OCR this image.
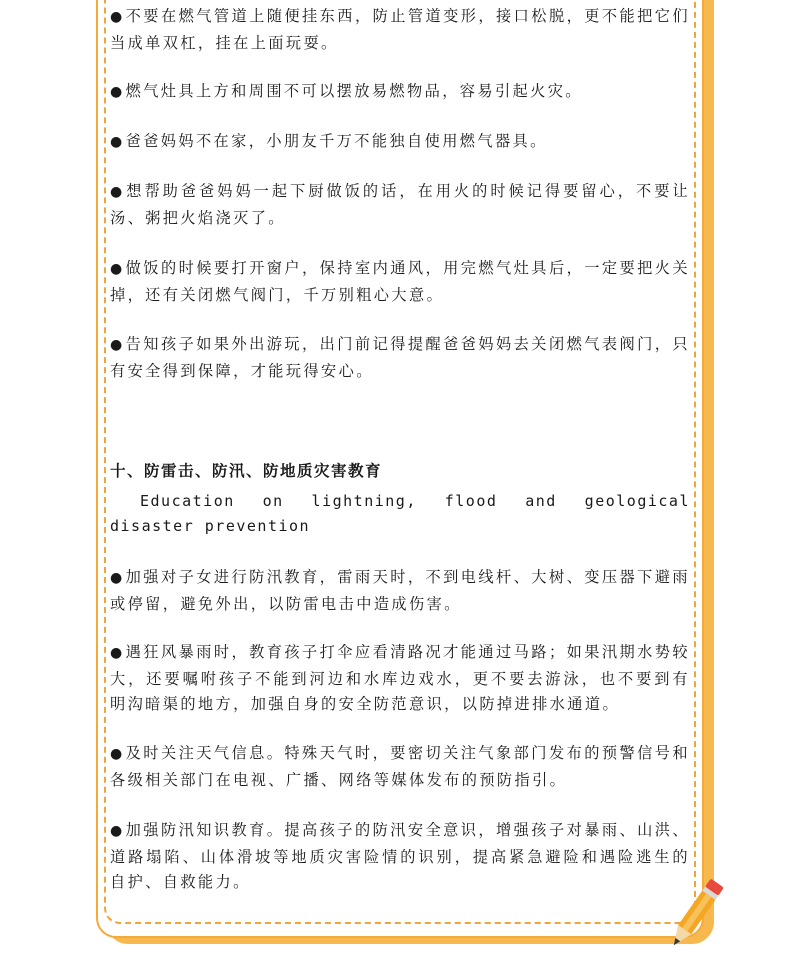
●不要在燃气管道上随便挂东西，防止管道变形，接口松脱，更不能把它们当成单双杠，挂在上面玩耍。

●燃气灶具上方和周围不可以摆放易燃物品，容易引起火灾。

●爸爸妈妈不在家，小朋友千万不能独自使用燃气器具。

●想帮助爸爸妈妈一起下厨做饭的话，在用火的时候记得要留心，不要让汤、粥把火焰浇灭了。

●做饭的时候要打开窗户，保持室内通风，用完燃气灶具后，一定要把火关掉，还有关闭燃气阀门，千万别粗心大意。

●告知孩子如果外出游玩，出门前记得提醒爸爸妈妈去关闭燃气表阀门，只有安全得到保障，才能玩得安心。

十、防雷击、防汛、防地质灾害教育
Education on lightning, flood and geological disaster prevention

●加强对子女进行防汛教育，雷雨天时，不到电线杆、大树、变压器下避雨或停留，避免外出，以防雷电击中造成伤害。

●遇狂风暴雨时，教育孩子打伞应看清路况才能通过马路；如果汛期水势较大，还要嘱咐孩子不能到河边和水库边戏水，更不要去游泳，也不要到有明沟暗渠的地方，加强自身的安全防范意识，以防掉进排水通道。

●及时关注天气信息。特殊天气时，要密切关注气象部门发布的预警信号和各级相关部门在电视、广播、网络等媒体发布的预防指引。

●加强防汛知识教育。提高孩子的防汛安全意识，增强孩子对暴雨、山洪、道路塌陷、山体滑坡等地质灾害险情的识别，提高紧急避险和遇险逃生的自护、自救能力。
